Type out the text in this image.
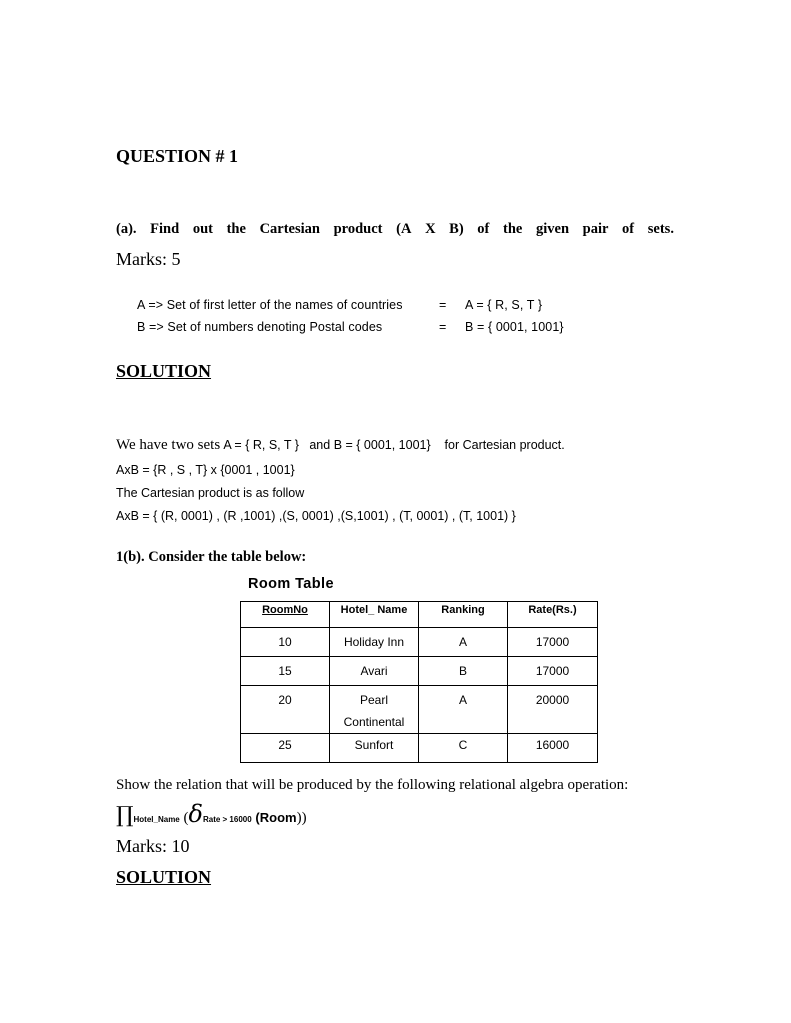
QUESTION # 1
(a). Find out the Cartesian product (A X B) of the given pair of sets.
Marks: 5
A => Set of first letter of the names of countries	= A = { R, S, T }
B => Set of numbers denoting Postal codes	= B = { 0001, 1001}
SOLUTION
We have two sets A = { R, S, T }   and B = { 0001, 1001}    for Cartesian product.
AxB = {R , S , T} x {0001 , 1001}
The Cartesian product is as follow
AxB = { (R, 0001) , (R ,1001) ,(S, 0001) ,(S,1001) , (T, 0001) , (T, 1001) }
1(b). Consider the table below:
Room Table
RoomNo	Hotel_ Name	Ranking	Rate(Rs.)
10	Holiday Inn	A	17000
15	Avari	B	17000
20	Pearl Continental	A	20000
25	Sunfort	C	16000
Show the relation that will be produced by the following relational algebra operation:
∏Hotel_Name (δRate > 16000 (Room))
Marks: 10
SOLUTION
